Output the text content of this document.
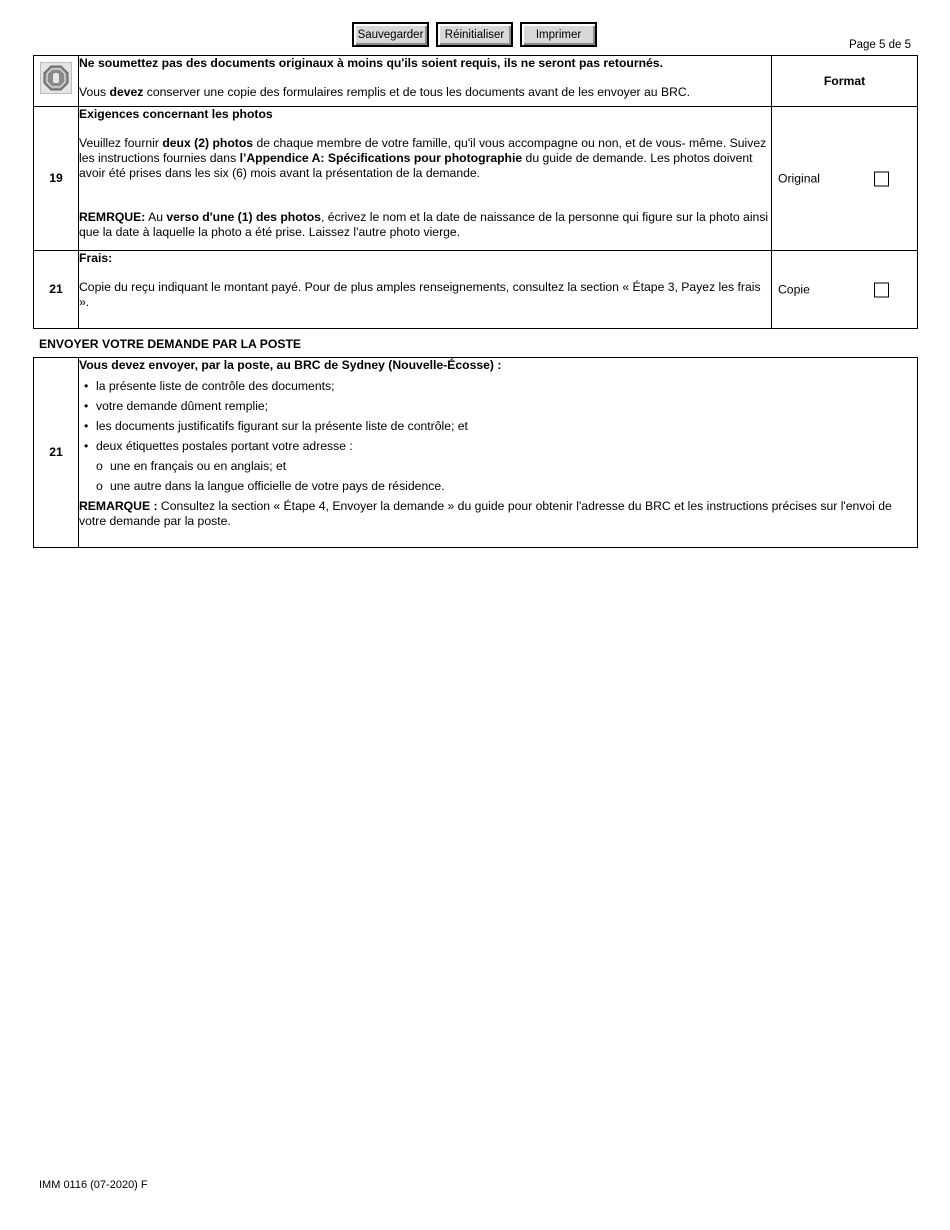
Sauvegarder	Réinitialiser	Imprimer
Page 5 de 5

Ne soumettez pas des documents originaux à moins qu'ils soient requis, ils ne seront pas retournés.

Vous devez conserver une copie des formulaires remplis et de tous les documents avant de les envoyer au BRC.	Format
19	Exigences concernant les photos

Veuillez fournir deux (2) photos de chaque membre de votre famille, qu'il vous accompagne ou non, et de vous- même. Suivez les instructions fournies dans l’Appendice A: Spécifications pour photographie du guide de demande. Les photos doivent avoir été prises dans les six (6) mois avant la présentation de la demande.

REMRQUE: Au verso d'une (1) des photos, écrivez le nom et la date de naissance de la personne qui figure sur la photo ainsi que la date à laquelle la photo a été prise. Laissez l'autre photo vierge.	Original

21	Frais:

Copie du reçu indiquant le montant payé. Pour de plus amples renseignements, consultez la section « Étape 3, Payez les frais ».	Copie
ENVOYER VOTRE DEMANDE PAR LA POSTE
21	

Vous devez envoyer, par la poste, au BRC de Sydney (Nouvelle-Écosse) :

• la présente liste de contrôle des documents;
• votre demande dûment remplie;
• les documents justificatifs figurant sur la présente liste de contrôle; et
• deux étiquettes postales portant votre adresse :
o une en français ou en anglais; et
o une autre dans la langue officielle de votre pays de résidence.

REMARQUE : Consultez la section « Étape 4, Envoyer la demande » du guide pour obtenir l'adresse du BRC et les instructions précises sur l'envoi de votre demande par la poste.

IMM 0116 (07-2020) F
